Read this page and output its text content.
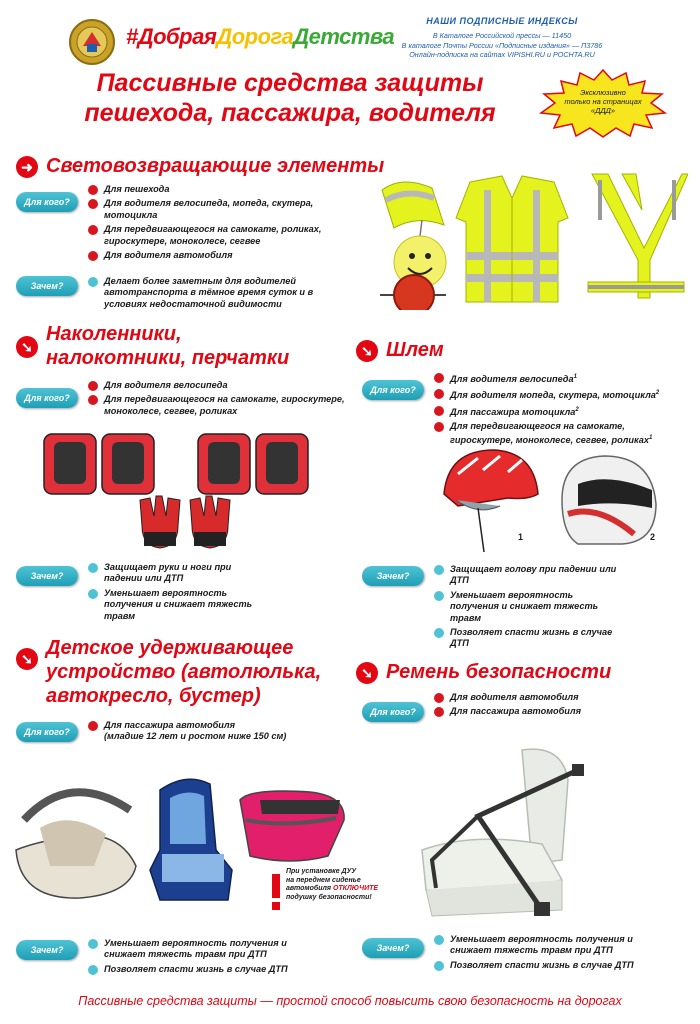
#ДобраяДорогаДетства
НАШИ ПОДПИСНЫЕ ИНДЕКСЫ
В Каталоге Российской прессы — 11450
В каталоге Почты России «Подписные издания» — П3786
Онлайн-подписка на сайтах VIPISHI.RU и POCHTA.RU
Пассивные средства защиты
пешехода, пассажира, водителя
Эксклюзивно
только на страницах
«ДДД»
➜ Световозвращающие элементы
Для кого?
Для пешехода
Для водителя велосипеда, мопеда, скутера, мотоцикла
Для передвигающегося на самокате, роликах, гироскутере, моноколесе, сегвее
Для водителя автомобиля
Зачем?	Делает более заметным для водителей автотранспорта в тёмное время суток и в условиях недостаточной видимости
➘
Наколенники,
налокотники, перчатки
Для кого?
Для водителя велосипеда
Для передвигающегося на самокате, гироскутере, моноколесе, сегвее, роликах
Зачем?
Защищает руки и ноги при падении или ДТП
Уменьшает вероятность получения и снижает тяжесть травм
➘ Шлем
Для кого?
Для водителя велосипеда$^1$
Для водителя мопеда, скутера, мотоцикла$^2$
Для пассажира мотоцикла$^2$
Для передвигающегося на самокате, гироскутере, моноколесе, сегвее, роликах$^1$
1	2
Зачем?
Защищает голову при падении или ДТП
Уменьшает вероятность получения и снижает тяжесть травм
Позволяет спасти жизнь в случае ДТП
➘ Детское удерживающее
устройство (автолюлька,
автокресло, бустер)
Для кого?
Для пассажира автомобиля
(младше 12 лет и ростом ниже 150 см)
При установке ДУУ
на переднем сиденье
автомобиля ОТКЛЮЧИТЕ
подушку безопасности!
Зачем?
Уменьшает вероятность получения и снижает тяжесть травм при ДТП
Позволяет спасти жизнь в случае ДТП
➘ Ремень безопасности
Для кого?
Для водителя автомобиля
Для пассажира автомобиля
Зачем?
Уменьшает вероятность получения и снижает тяжесть травм при ДТП
Позволяет спасти жизнь в случае ДТП
Пассивные средства защиты — простой способ повысить свою безопасность на дорогах
